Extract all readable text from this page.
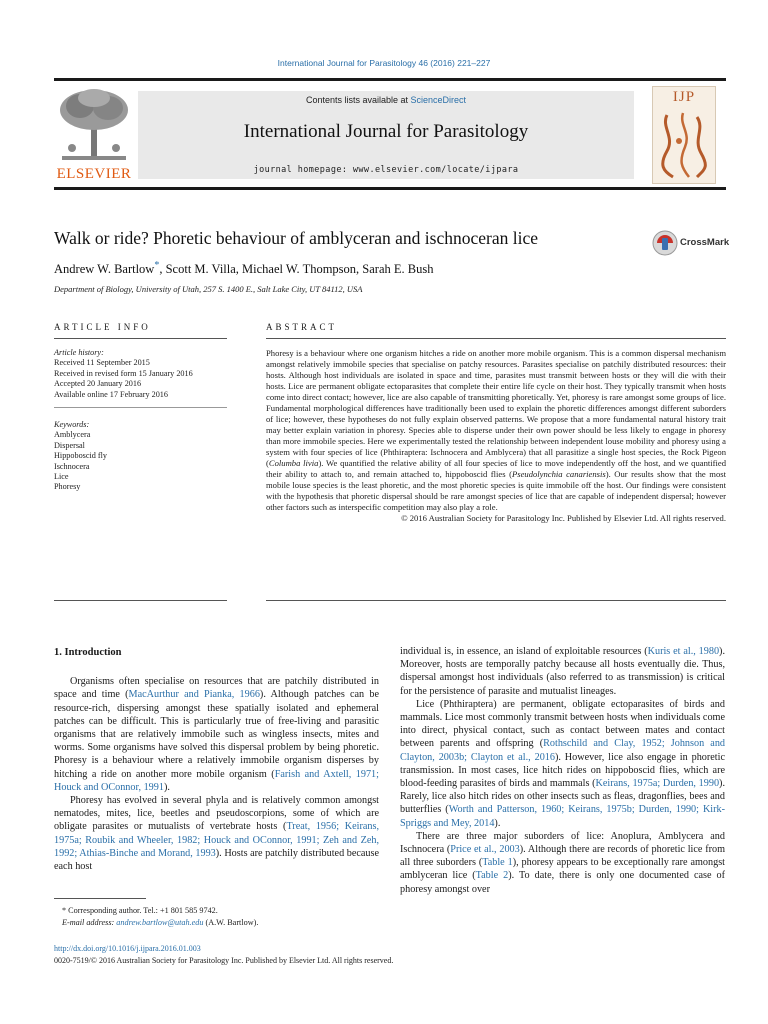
International Journal for Parasitology 46 (2016) 221–227
ELSEVIER
Contents lists available at ScienceDirect
International Journal for Parasitology
journal homepage: www.elsevier.com/locate/ijpara
IJP
Walk or ride? Phoretic behaviour of amblyceran and ischnoceran lice	CrossMark
Andrew W. Bartlow*, Scott M. Villa, Michael W. Thompson, Sarah E. Bush
Department of Biology, University of Utah, 257 S. 1400 E., Salt Lake City, UT 84112, USA
ARTICLE INFO	ABSTRACT
Article history:
Received 11 September 2015
Received in revised form 15 January 2016
Accepted 20 January 2016
Available online 17 February 2016
Keywords:
Amblycera
Dispersal
Hippoboscid fly
Ischnocera
Lice
Phoresy
Phoresy is a behaviour where one organism hitches a ride on another more mobile organism. This is a common dispersal mechanism amongst relatively immobile species that specialise on patchy resources. Parasites specialise on patchily distributed resources: their hosts. Although host individuals are isolated in space and time, parasites must transmit between hosts or they will die with their hosts. Lice are permanent obligate ectoparasites that complete their entire life cycle on their host. They typically transmit when hosts come into direct contact; however, lice are also capable of transmitting phoretically. Yet, phoresy is rare amongst some groups of lice. Fundamental morphological differences have traditionally been used to explain the phoretic differences amongst different suborders of lice; however, these hypotheses do not fully explain observed patterns. We propose that a more fundamental natural history trait may better explain variation in phoresy. Species able to disperse under their own power should be less likely to engage in phoresy than more immobile species. Here we experimentally tested the relationship between independent louse mobility and phoresy using a system with four species of lice (Phthiraptera: Ischnocera and Amblycera) that all parasitize a single host species, the Rock Pigeon (Columba livia). We quantified the relative ability of all four species of lice to move independently off the host, and we quantified their ability to attach to, and remain attached to, hippoboscid flies (Pseudolynchia canariensis). Our results show that the most mobile louse species is the least phoretic, and the most phoretic species is quite immobile off the host. Our findings were consistent with the hypothesis that phoretic dispersal should be rare amongst species of lice that are capable of independent dispersal; however other factors such as interspecific competition may also play a role.
© 2016 Australian Society for Parasitology Inc. Published by Elsevier Ltd. All rights reserved.

1. Introduction

Organisms often specialise on resources that are patchily distributed in space and time (MacAurthur and Pianka, 1966). Although patches can be resource-rich, dispersing amongst these spatially isolated and ephemeral patches can be difficult. This is particularly true of free-living and parasitic organisms that are relatively immobile such as wingless insects, mites and worms. Some organisms have solved this dispersal problem by being phoretic. Phoresy is a behaviour where a relatively immobile organism disperses by hitching a ride on another more mobile organism (Farish and Axtell, 1971; Houck and OConnor, 1991).

Phoresy has evolved in several phyla and is relatively common amongst nematodes, mites, lice, beetles and pseudoscorpions, some of which are obligate parasites or mutualists of vertebrate hosts (Treat, 1956; Keirans, 1975a; Roubik and Wheeler, 1982; Houck and OConnor, 1991; Zeh and Zeh, 1992; Athias-Binche and Morand, 1993). Hosts are patchily distributed because each host

individual is, in essence, an island of exploitable resources (Kuris et al., 1980). Moreover, hosts are temporally patchy because all hosts eventually die. Thus, dispersal amongst host individuals (also referred to as transmission) is critical for the persistence of parasite and mutualist lineages.

Lice (Phthiraptera) are permanent, obligate ectoparasites of birds and mammals. Lice most commonly transmit between hosts when individuals come into direct, physical contact, such as contact between mates and contact between parents and offspring (Rothschild and Clay, 1952; Johnson and Clayton, 2003b; Clayton et al., 2016). However, lice also engage in phoretic transmission. In most cases, lice hitch rides on hippoboscid flies, which are blood-feeding parasites of birds and mammals (Keirans, 1975a; Durden, 1990). Rarely, lice also hitch rides on other insects such as fleas, dragonflies, bees and butterflies (Worth and Patterson, 1960; Keirans, 1975b; Durden, 1990; Kirk-Spriggs and Mey, 2014).

There are three major suborders of lice: Anoplura, Amblycera and Ischnocera (Price et al., 2003). Although there are records of phoretic lice from all three suborders (Table 1), phoresy appears to be exceptionally rare amongst amblyceran lice (Table 2). To date, there is only one documented case of phoresy amongst over

* Corresponding author. Tel.: +1 801 585 9742.
E-mail address: andrew.bartlow@utah.edu (A.W. Bartlow).
http://dx.doi.org/10.1016/j.ijpara.2016.01.003
0020-7519/© 2016 Australian Society for Parasitology Inc. Published by Elsevier Ltd. All rights reserved.
